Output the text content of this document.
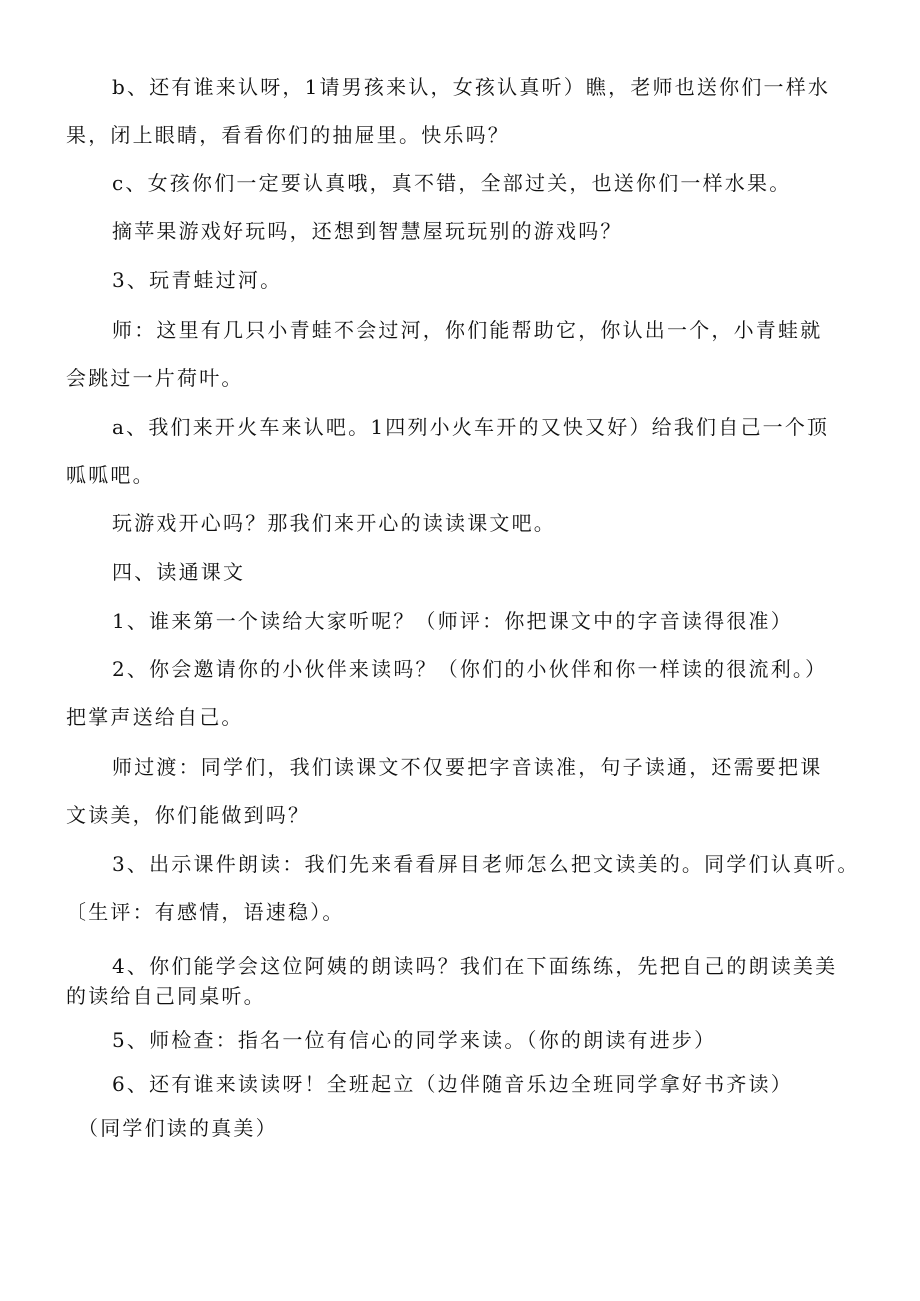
b、还有谁来认呀，1请男孩来认，女孩认真听）瞧，老师也送你们一样水
果，闭上眼睛，看看你们的抽屉里。快乐吗？
c、女孩你们一定要认真哦，真不错，全部过关，也送你们一样水果。
摘苹果游戏好玩吗，还想到智慧屋玩玩别的游戏吗？
3、玩青蛙过河。
师：这里有几只小青蛙不会过河，你们能帮助它，你认出一个，小青蛙就
会跳过一片荷叶。
a、我们来开火车来认吧。1四列小火车开的又快又好）给我们自己一个顶
呱呱吧。
玩游戏开心吗？那我们来开心的读读课文吧。
四、读通课文
1、谁来第一个读给大家听呢？（师评：你把课文中的字音读得很准）
2、你会邀请你的小伙伴来读吗？（你们的小伙伴和你一样读的很流利。）
把掌声送给自己。
师过渡：同学们，我们读课文不仅要把字音读准，句子读通，还需要把课
文读美，你们能做到吗？
3、出示课件朗读：我们先来看看屏目老师怎么把文读美的。同学们认真听。
〔生评：有感情，语速稳）。
4、你们能学会这位阿姨的朗读吗？我们在下面练练，先把自己的朗读美美
的读给自己同桌听。
5、师检查：指名一位有信心的同学来读。（你的朗读有进步）
6、还有谁来读读呀！全班起立（边伴随音乐边全班同学拿好书齐读）
（同学们读的真美）
